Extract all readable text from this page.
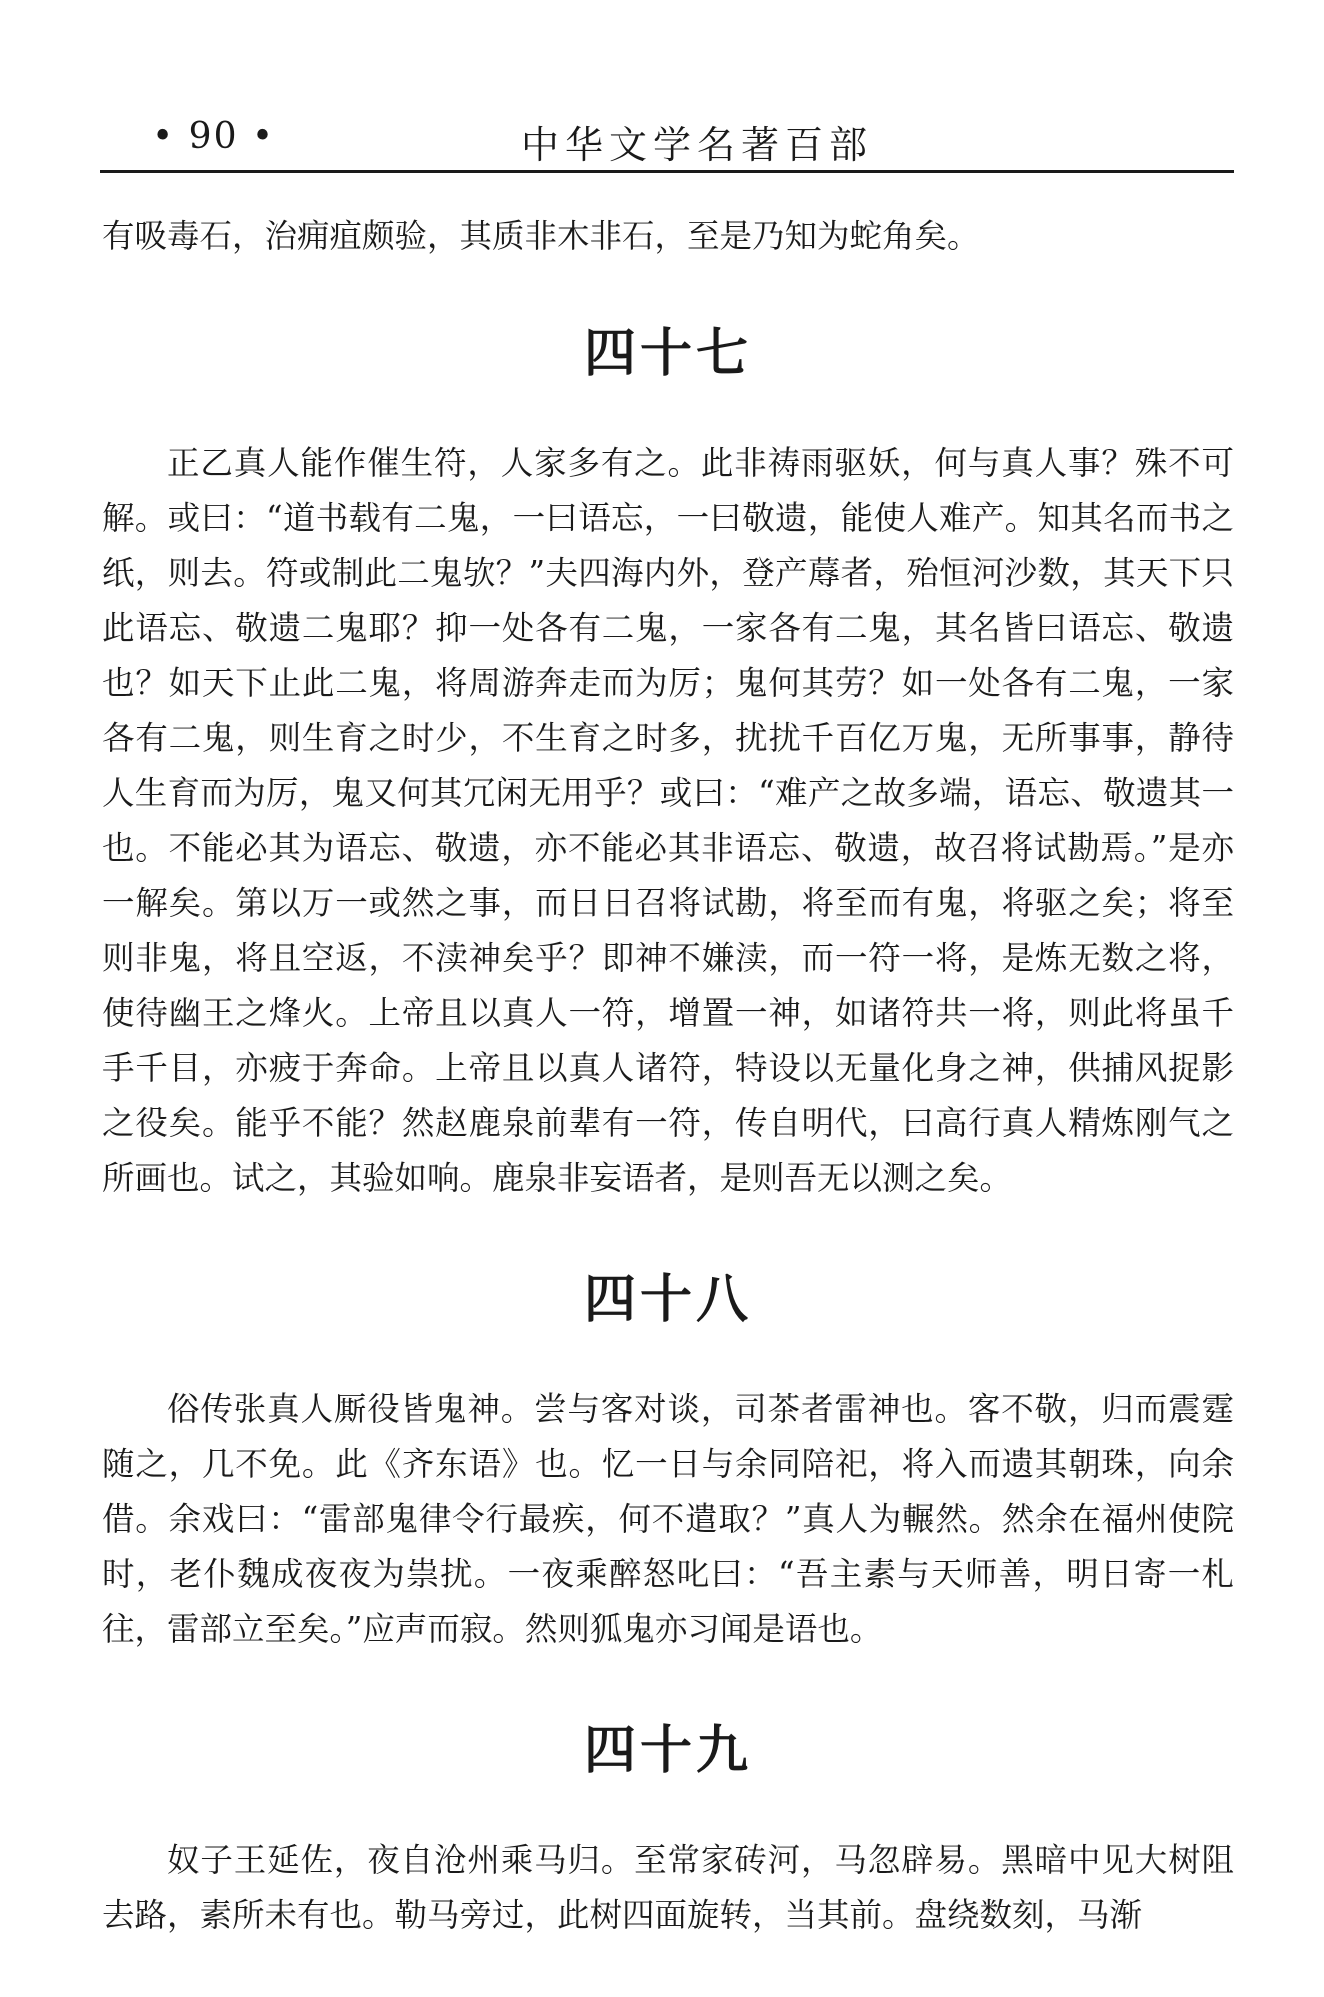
• 90 •	中华文学名著百部

有吸毒石，治痈疽颇验，其质非木非石，至是乃知为蛇角矣。

四十七

正乙真人能作催生符，人家多有之。此非祷雨驱妖，何与真人事？殊不可解。或曰：“道书载有二鬼，一曰语忘，一曰敬遗，能使人难产。知其名而书之纸，则去。符或制此二鬼欤？”夫四海内外，登产蓐者，殆恒河沙数，其天下只此语忘、敬遗二鬼耶？抑一处各有二鬼，一家各有二鬼，其名皆曰语忘、敬遗也？如天下止此二鬼，将周游奔走而为厉；鬼何其劳？如一处各有二鬼，一家各有二鬼，则生育之时少，不生育之时多，扰扰千百亿万鬼，无所事事，静待人生育而为厉，鬼又何其冗闲无用乎？或曰：“难产之故多端，语忘、敬遗其一也。不能必其为语忘、敬遗，亦不能必其非语忘、敬遗，故召将试勘焉。”是亦一解矣。第以万一或然之事，而日日召将试勘，将至而有鬼，将驱之矣；将至则非鬼，将且空返，不渎神矣乎？即神不嫌渎，而一符一将，是炼无数之将，使待幽王之烽火。上帝且以真人一符，增置一神，如诸符共一将，则此将虽千手千目，亦疲于奔命。上帝且以真人诸符，特设以无量化身之神，供捕风捉影之役矣。能乎不能？然赵鹿泉前辈有一符，传自明代，曰高行真人精炼刚气之所画也。试之，其验如响。鹿泉非妄语者，是则吾无以测之矣。

四十八

俗传张真人厮役皆鬼神。尝与客对谈，司茶者雷神也。客不敬，归而震霆随之，几不免。此《齐东语》也。忆一日与余同陪祀，将入而遗其朝珠，向余借。余戏曰：“雷部鬼律令行最疾，何不遣取？”真人为輾然。然余在福州使院时，老仆魏成夜夜为祟扰。一夜乘醉怒叱曰：“吾主素与天师善，明日寄一札往，雷部立至矣。”应声而寂。然则狐鬼亦习闻是语也。

四十九

奴子王延佐，夜自沧州乘马归。至常家砖河，马忽辟易。黑暗中见大树阻去路，素所未有也。勒马旁过，此树四面旋转，当其前。盘绕数刻，马渐
